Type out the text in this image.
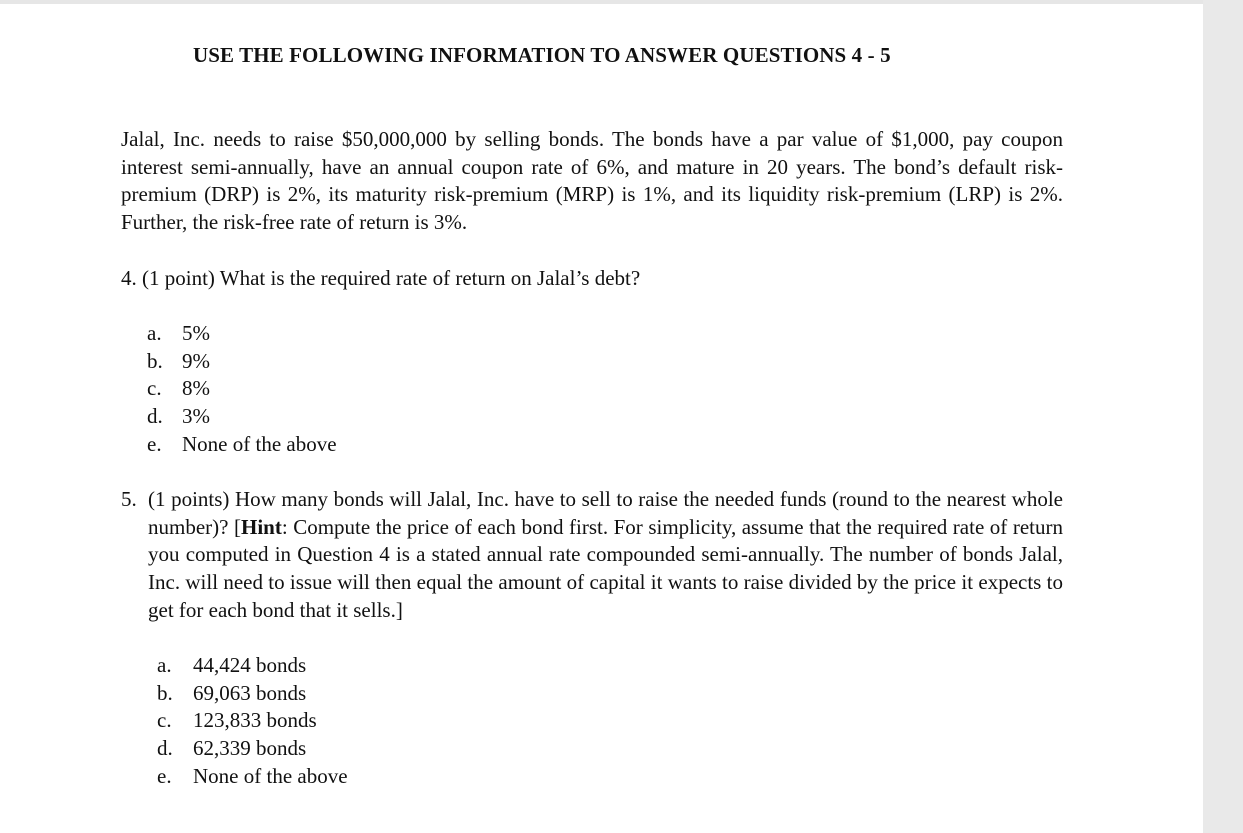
USE THE FOLLOWING INFORMATION TO ANSWER QUESTIONS 4 - 5

Jalal, Inc. needs to raise $50,000,000 by selling bonds. The bonds have a par value of $1,000, pay coupon interest semi-annually, have an annual coupon rate of 6%, and mature in 20 years. The bond’s default risk-premium (DRP) is 2%, its maturity risk-premium (MRP) is 1%, and its liquidity risk-premium (LRP) is 2%. Further, the risk-free rate of return is 3%.

4. (1 point) What is the required rate of return on Jalal’s debt?
a. 5%
b. 9%
c. 8%
d. 3%
e. None of the above
5. (1 points) How many bonds will Jalal, Inc. have to sell to raise the needed funds (round to the nearest whole number)? [Hint: Compute the price of each bond first. For simplicity, assume that the required rate of return you computed in Question 4 is a stated annual rate compounded semi-annually. The number of bonds Jalal, Inc. will need to issue will then equal the amount of capital it wants to raise divided by the price it expects to get for each bond that it sells.]
a. 44,424 bonds
b. 69,063 bonds
c. 123,833 bonds
d. 62,339 bonds
e. None of the above
